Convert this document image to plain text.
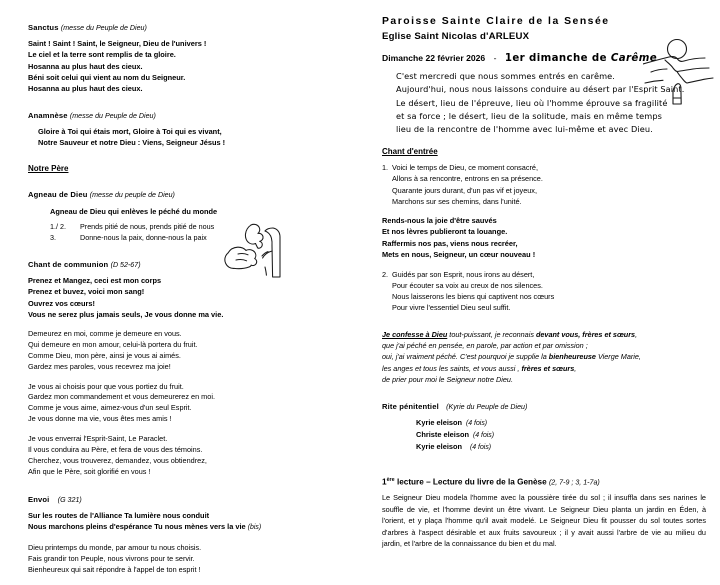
Sanctus (messe du Peuple de Dieu)
Saint ! Saint ! Saint, le Seigneur, Dieu de l'univers !
Le ciel et la terre sont remplis de ta gloire.
Hosanna au plus haut des cieux.
Béni soit celui qui vient au nom du Seigneur.
Hosanna au plus haut des cieux.
Anamnèse (messe du Peuple de Dieu)
Gloire à Toi qui étais mort, Gloire à Toi qui es vivant,
Notre Sauveur et notre Dieu : Viens, Seigneur Jésus !
Notre Père
Agneau de Dieu (messe du peuple de Dieu)
Agneau de Dieu qui enlèves le péché du monde
1./ 2. Prends pitié de nous, prends pitié de nous
3.	Donne-nous la paix, donne-nous la paix
Chant de communion (D 52-67)
Prenez et Mangez, ceci est mon corps
Prenez et buvez, voici mon sang!
Ouvrez vos cœurs!
Vous ne serez plus jamais seuls, Je vous donne ma vie.
Demeurez en moi, comme je demeure en vous.
Qui demeure en mon amour, celui-là portera du fruit.
Comme Dieu, mon père, ainsi je vous ai aimés.
Gardez mes paroles, vous recevrez ma joie!
Je vous ai choisis pour que vous portiez du fruit.
Gardez mon commandement et vous demeurerez en moi.
Comme je vous aime, aimez-vous d'un seul Esprit.
Je vous donne ma vie, vous êtes mes amis !
Je vous enverrai l'Esprit-Saint, Le Paraclet.
Il vous conduira au Père, et fera de vous des témoins.
Cherchez, vous trouverez, demandez, vous obtiendrez,
Afin que le Père, soit glorifié en vous !
Envoi (G 321)
Sur les routes de l'Alliance Ta lumière nous conduit
Nous marchons pleins d'espérance Tu nous mènes vers la vie (bis)
Dieu printemps du monde, par amour tu nous choisis.
Fais grandir ton Peuple, nous vivrons pour te servir.
Bienheureux qui sait répondre à l'appel de ton esprit !
Paroisse Sainte Claire de la Sensée
Eglise Saint Nicolas d'ARLEUX
Dimanche 22 février 2026 - 1er dimanche de Carême
C'est mercredi que nous sommes entrés en carême.
Aujourd'hui, nous nous laissons conduire au désert par l'Esprit Saint.
Le désert, lieu de l'épreuve, lieu où l'homme éprouve sa fragilité
et sa force ; le désert, lieu de la solitude, mais en même temps
lieu de la rencontre de l'homme avec lui-même et avec Dieu.
Chant d'entrée
1. Voici le temps de Dieu, ce moment consacré,
Allons à sa rencontre, entrons en sa présence.
Quarante jours durant, d'un pas vif et joyeux,
Marchons sur ses chemins, dans l'unité.
Rends-nous la joie d'être sauvés
Et nos lèvres publieront ta louange.
Raffermis nos pas, viens nous recréer,
Mets en nous, Seigneur, un cœur nouveau !
2. Guidés par son Esprit, nous irons au désert,
Pour écouter sa voix au creux de nos silences.
Nous laisserons les biens qui captivent nos cœurs
Pour vivre l'essentiel Dieu seul suffit.
Je confesse à Dieu tout-puissant, je reconnais devant vous, frères et sœurs,
que j'ai péché en pensée, en parole, par action et par omission ;
oui, j'ai vraiment péché. C'est pourquoi je supplie la bienheureuse Vierge Marie,
les anges et tous les saints, et vous aussi , frères et sœurs,
de prier pour moi le Seigneur notre Dieu.
Rite pénitentiel (Kyrie du Peuple de Dieu)
Kyrie eleison (4 fois)
Christe eleison (4 fois)
Kyrie eleison (4 fois)
1ère lecture – Lecture du livre de la Genèse (2, 7-9 ; 3, 1-7a)
Le Seigneur Dieu modela l'homme avec la poussière tirée du sol ; il insuffla dans ses narines le souffle de vie, et l'homme devint un être vivant. Le Seigneur Dieu planta un jardin en Éden, à l'orient, et y plaça l'homme qu'il avait modelé. Le Seigneur Dieu fit pousser du sol toutes sortes d'arbres à l'aspect désirable et aux fruits savoureux ; il y avait aussi l'arbre de vie au milieu du jardin, et l'arbre de la connaissance du bien et du mal.
